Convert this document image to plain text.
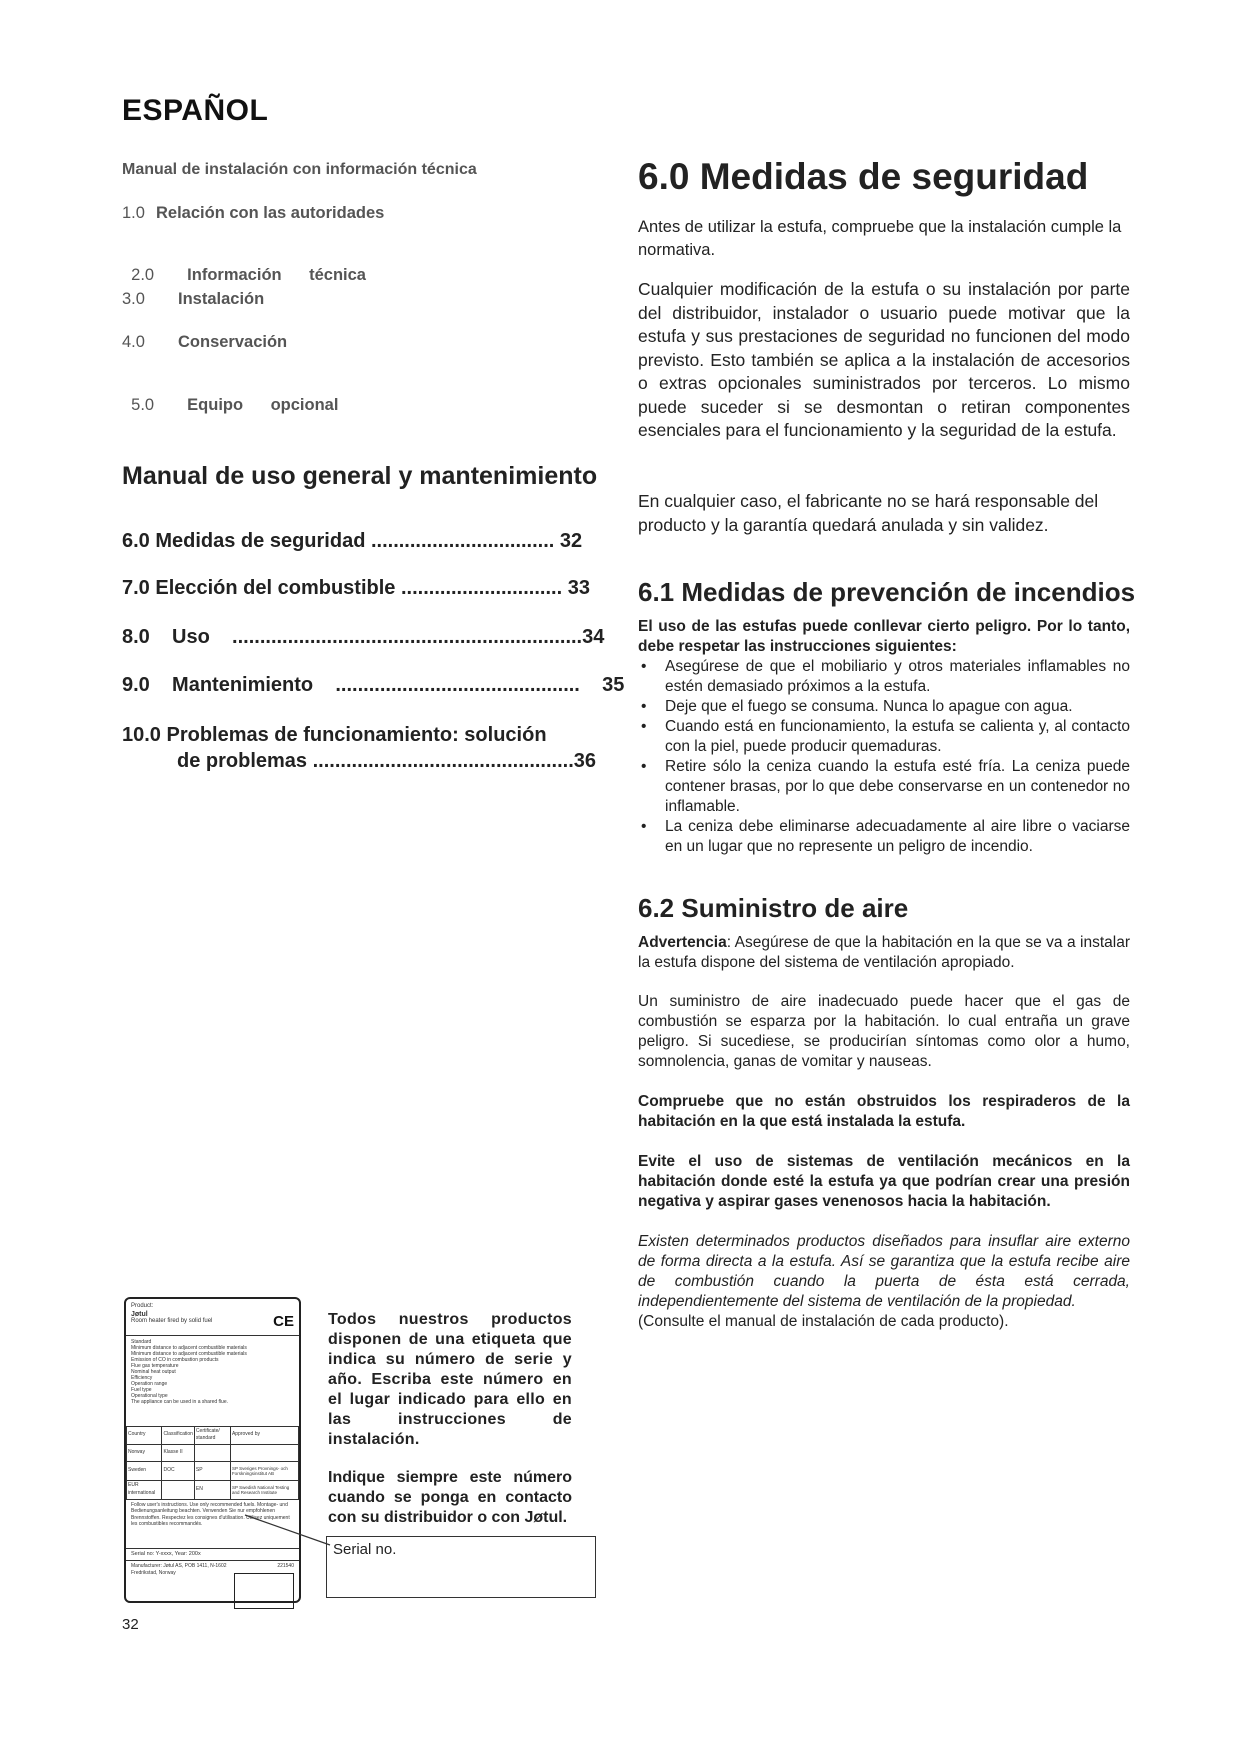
ESPAÑOL
Manual de instalación con información técnica
1.0 Relación con las autoridades

2.0 Información      técnica

3.0 Instalación
4.0 Conservación

5.0 Equipo      opcional

Manual de uso general y mantenimiento
6.0 Medidas de seguridad ................................. 32
7.0 Elección del combustible ............................. 33
8.0    Uso    ...............................................................34
9.0    Mantenimiento    ............................................ 35
10.0 Problemas de funcionamiento: solución
de problemas ...............................................36
Product:
Jøtul
Room heater fired by solid fuel	CE
Standard
Minimum distance to adjacent combustible materials
Minimum distance to adjacent combustible materials
Emission of CO in combustion products
Flue gas temperature
Nominal heat output
Efficiency
Operation range
Fuel type
Operational type
The appliance can be used in a shared flue.
Country	Classification	Certificate/ standard	Approved by
Norway	Klasse II		
Sweden	DOC	SP	SP Sveriges Provnings- och Forskningsinstitut AB
EUR international		EN	SP Swedish National Testing and Research Institute
Follow user's instructions. Use only recommended fuels. Montage- und Bedienungsanleitung beachten. Verwenden Sie nur empfohlenen Brennstoffen. Respectez les consignes d'utilisation. Utilisez uniquement les combustibles recommandés.
Serial no: Y-xxxx, Year: 200x
Manufacturer: Jøtul AS, POB 1411, N-1602 Fredrikstad, Norway
221540
Todos nuestros productos disponen de una etiqueta que indica su número de serie y año. Escriba este número en el lugar indicado para ello en las instrucciones de instalación.
Indique siempre este número cuando se ponga en contacto con su distribuidor o con Jøtul.
Serial no.
32
6.0 Medidas de seguridad
Antes de utilizar la estufa, compruebe que la instalación cumple la normativa.
Cualquier modificación de la estufa o su instalación por parte del distribuidor, instalador o usuario puede motivar que la estufa y sus prestaciones de seguridad no funcionen del modo previsto. Esto también se aplica a la instalación de accesorios o extras opcionales suministrados por terceros. Lo mismo puede suceder si se desmontan o retiran componentes esenciales para el funcionamiento y la seguridad de la estufa.
En cualquier caso, el fabricante no se hará responsable del producto y la garantía quedará anulada y sin validez.
6.1 Medidas de prevención de incendios
El uso de las estufas puede conllevar cierto peligro. Por lo tanto, debe respetar las instrucciones siguientes:
• Asegúrese de que el mobiliario y otros materiales inflamables no estén demasiado próximos a la estufa.
• Deje que el fuego se consuma. Nunca lo apague con agua.
• Cuando está en funcionamiento, la estufa se calienta y, al contacto con la piel, puede producir quemaduras.
• Retire sólo la ceniza cuando la estufa esté fría. La ceniza puede contener brasas, por lo que debe conservarse en un contenedor no inflamable.
• La ceniza debe eliminarse adecuadamente al aire libre o vaciarse en un lugar que no represente un peligro de incendio.
6.2 Suministro de aire
Advertencia: Asegúrese de que la habitación en la que se va a instalar la estufa dispone del sistema de ventilación apropiado.
Un suministro de aire inadecuado puede hacer que el gas de combustión se esparza por la habitación. lo cual entraña un grave peligro. Si sucediese, se producirían síntomas como olor a humo, somnolencia, ganas de vomitar y nauseas.
Compruebe que no están obstruidos los respiraderos de la habitación en la que está instalada la estufa.
Evite el uso de sistemas de ventilación mecánicos en la habitación donde esté la estufa ya que podrían crear una presión negativa y aspirar gases venenosos hacia la habitación.
Existen determinados productos diseñados para insuflar aire externo de forma directa a la estufa. Así se garantiza que la estufa recibe aire de combustión cuando la puerta de ésta está cerrada, independientemente del sistema de ventilación de la propiedad.
(Consulte el manual de instalación de cada producto).
